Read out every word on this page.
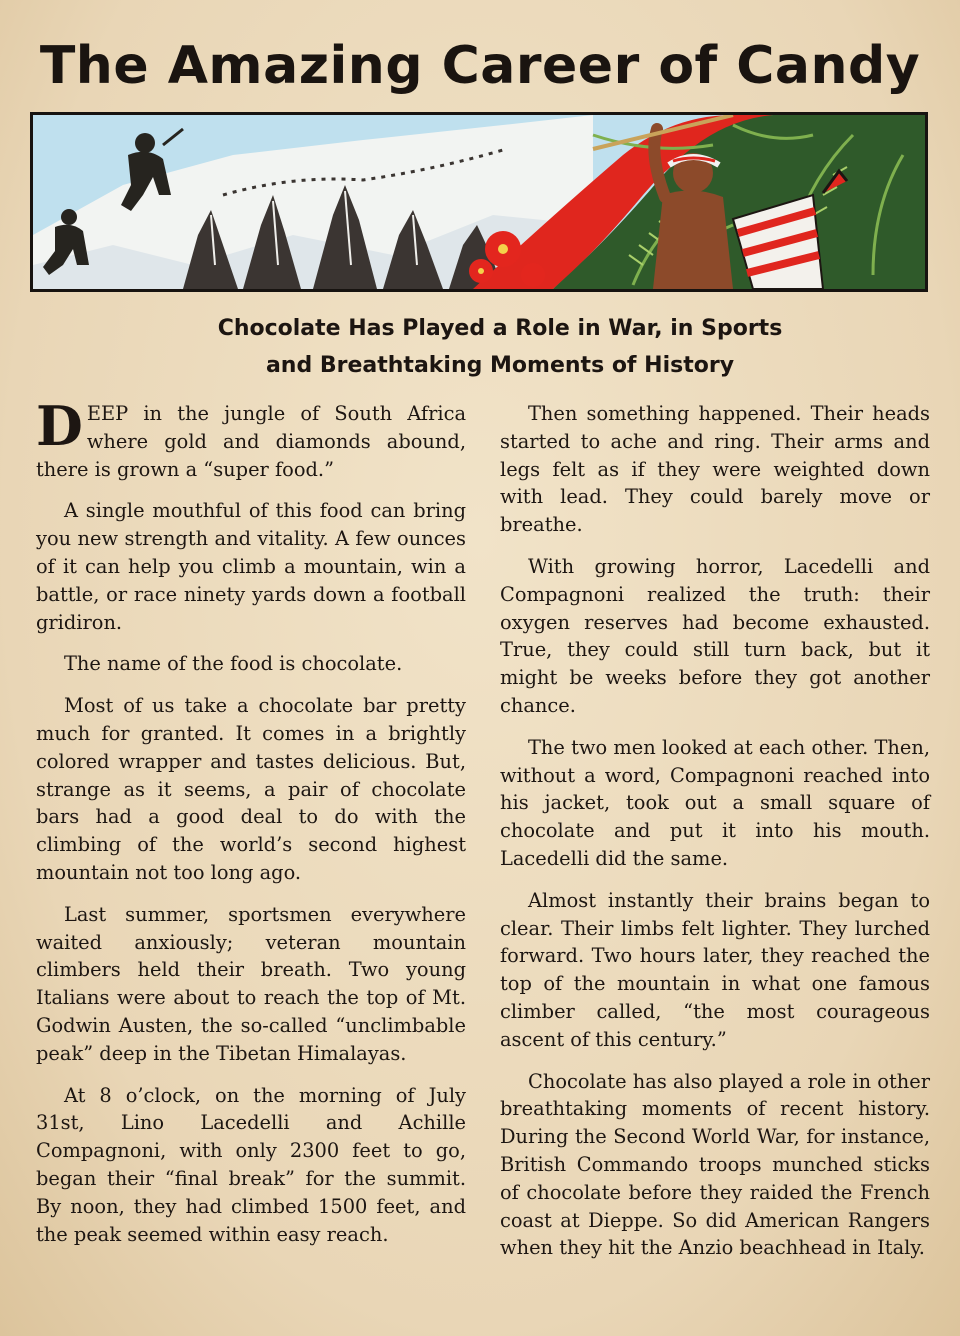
The Amazing Career of Candy
Chocolate Has Played a Role in War, in Sports
and Breathtaking Moments of History

DEEP in the jungle of South Africa where gold and diamonds abound, there is grown a “super food.”

A single mouthful of this food can bring you new strength and vitality. A few ounces of it can help you climb a mountain, win a battle, or race ninety yards down a football gridiron.

The name of the food is chocolate.

Most of us take a chocolate bar pretty much for granted. It comes in a brightly colored wrapper and tastes delicious. But, strange as it seems, a pair of chocolate bars had a good deal to do with the climbing of the world’s second highest mountain not too long ago.

Last summer, sportsmen everywhere waited anxiously; veteran mountain climbers held their breath. Two young Italians were about to reach the top of Mt. Godwin Austen, the so-called “unclimbable peak” deep in the Tibetan Himalayas.

At 8 o’clock, on the morning of July 31st, Lino Lacedelli and Achille Compagnoni, with only 2300 feet to go, began their “final break” for the summit. By noon, they had climbed 1500 feet, and the peak seemed within easy reach.

Then something happened. Their heads started to ache and ring. Their arms and legs felt as if they were weighted down with lead. They could barely move or breathe.

With growing horror, Lacedelli and Compagnoni realized the truth: their oxygen reserves had become exhausted. True, they could still turn back, but it might be weeks before they got another chance.

The two men looked at each other. Then, without a word, Compagnoni reached into his jacket, took out a small square of chocolate and put it into his mouth. Lacedelli did the same.

Almost instantly their brains began to clear. Their limbs felt lighter. They lurched forward. Two hours later, they reached the top of the mountain in what one famous climber called, “the most courageous ascent of this century.”

Chocolate has also played a role in other breathtaking moments of recent history. During the Second World War, for instance, British Commando troops munched sticks of chocolate before they raided the French coast at Dieppe. So did American Rangers when they hit the Anzio beachhead in Italy.
